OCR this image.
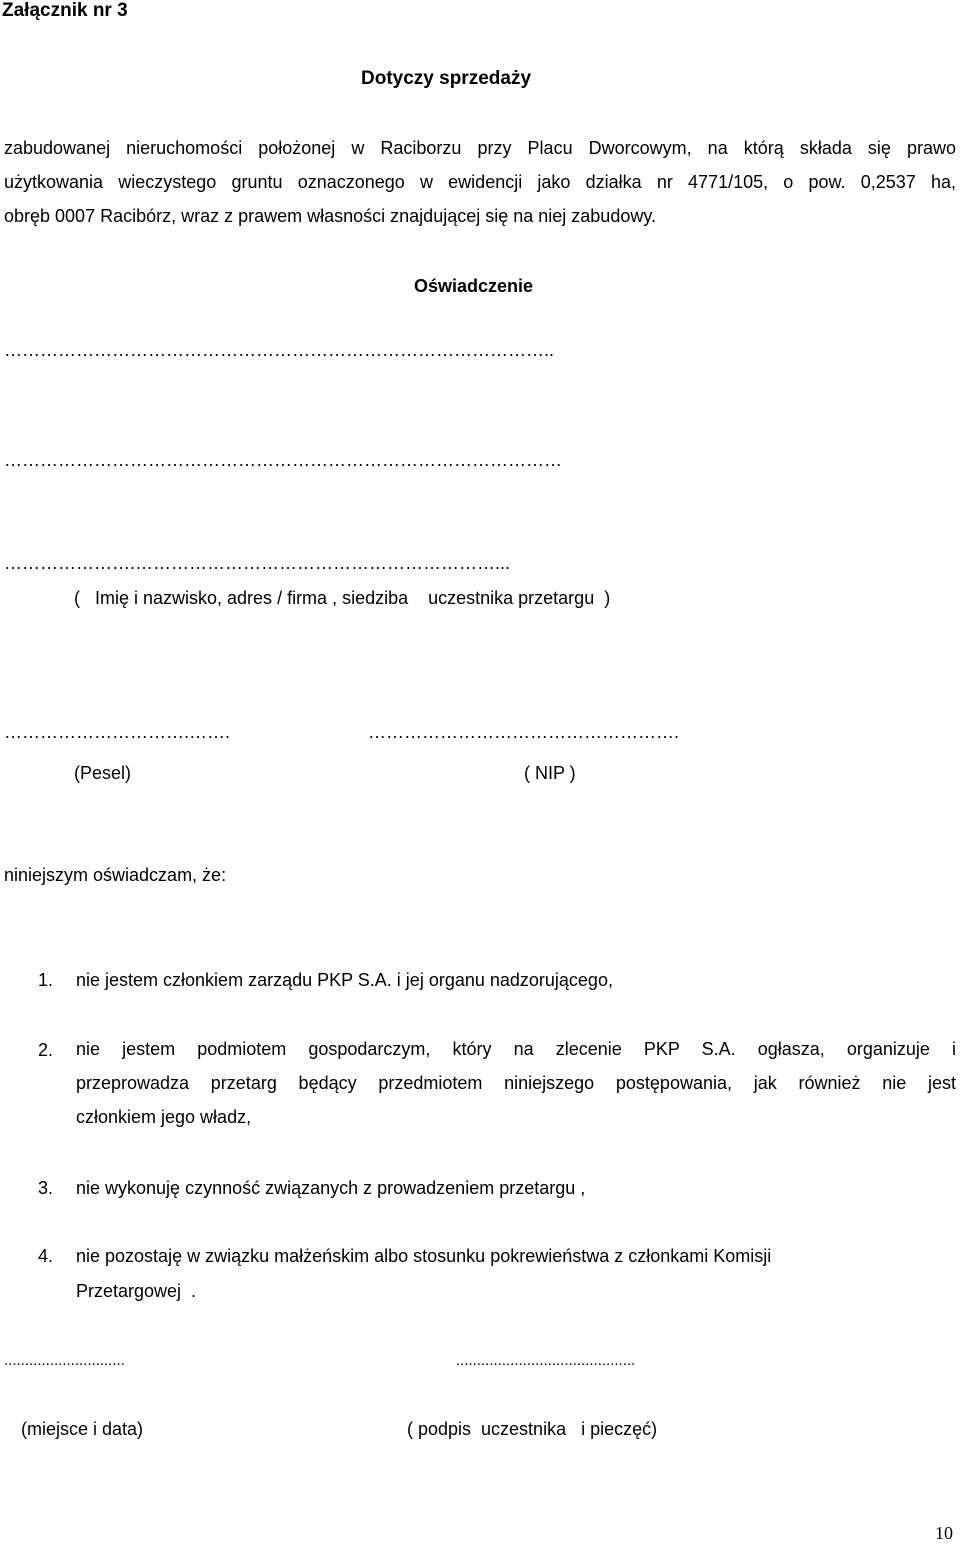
Załącznik nr 3
Dotyczy sprzedaży
zabudowanej nieruchomości położonej w Raciborzu przy Placu Dworcowym, na którą składa się prawo
użytkowania wieczystego gruntu oznaczonego w ewidencji jako działka nr 4771/105, o pow. 0,2537 ha,
obręb 0007 Racibórz, wraz z prawem własności znajdującej się na niej zabudowy.
Oświadczenie
………………………………………………………………………………..
…………………………………………………………………………………
………………….……………………………………………………...
(   Imię i nazwisko, adres / firma , siedziba    uczestnika przetargu  )
………………………….…….
(Pesel)
…………………………………………….
( NIP )
niniejszym oświadczam, że:
1. nie jestem członkiem zarządu PKP S.A. i jej organu nadzorującego,
2. nie jestem podmiotem gospodarczym, który na zlecenie PKP S.A. ogłasza, organizuje i
przeprowadza przetarg będący przedmiotem niniejszego postępowania, jak również nie jest
członkiem jego władz,
3. nie wykonuję czynność związanych z prowadzeniem przetargu ,
4. nie pozostaję w związku małżeńskim albo stosunku pokrewieństwa z członkami Komisji
Przetargowej  .
.............................	...........................................
(miejsce i data)	( podpis  uczestnika   i pieczęć)
10
